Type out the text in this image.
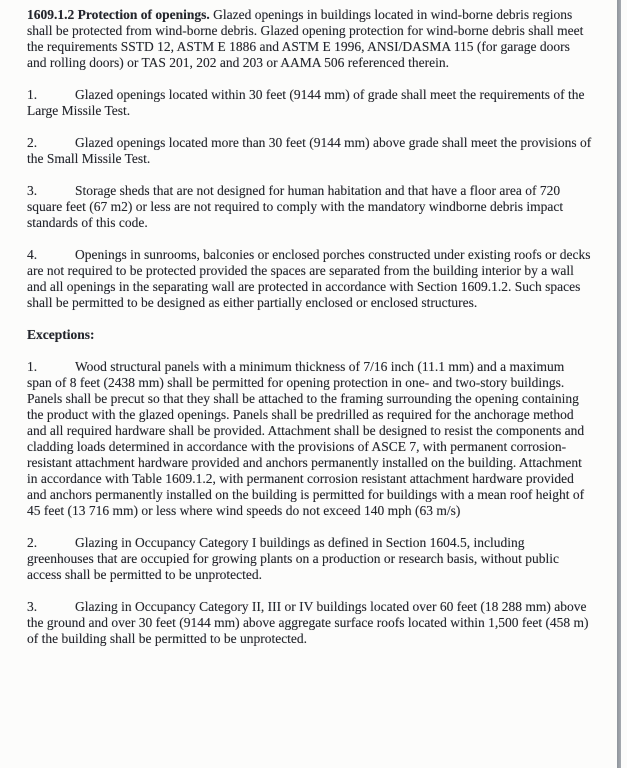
1609.1.2 Protection of openings. Glazed openings in buildings located in wind-borne debris regions shall be protected from wind-borne debris. Glazed opening protection for wind-borne debris shall meet the requirements SSTD 12, ASTM E 1886 and ASTM E 1996, ANSI/DASMA 115 (for garage doors and rolling doors) or TAS 201, 202 and 203 or AAMA 506 referenced therein.

1.	Glazed openings located within 30 feet (9144 mm) of grade shall meet the requirements of the Large Missile Test.

2.	Glazed openings located more than 30 feet (9144 mm) above grade shall meet the provisions of the Small Missile Test.

3.	Storage sheds that are not designed for human habitation and that have a floor area of 720 square feet (67 m2) or less are not required to comply with the mandatory windborne debris impact standards of this code.

4.	Openings in sunrooms, balconies or enclosed porches constructed under existing roofs or decks are not required to be protected provided the spaces are separated from the building interior by a wall and all openings in the separating wall are protected in accordance with Section 1609.1.2. Such spaces shall be permitted to be designed as either partially enclosed or enclosed structures.

Exceptions:

1.	Wood structural panels with a minimum thickness of 7/16 inch (11.1 mm) and a maximum span of 8 feet (2438 mm) shall be permitted for opening protection in one- and two-story buildings. Panels shall be precut so that they shall be attached to the framing surrounding the opening containing the product with the glazed openings. Panels shall be predrilled as required for the anchorage method and all required hardware shall be provided. Attachment shall be designed to resist the components and cladding loads determined in accordance with the provisions of ASCE 7, with permanent corrosion-resistant attachment hardware provided and anchors permanently installed on the building. Attachment in accordance with Table 1609.1.2, with permanent corrosion resistant attachment hardware provided and anchors permanently installed on the building is permitted for buildings with a mean roof height of 45 feet (13 716 mm) or less where wind speeds do not exceed 140 mph (63 m/s)

2.	Glazing in Occupancy Category I buildings as defined in Section 1604.5, including greenhouses that are occupied for growing plants on a production or research basis, without public access shall be permitted to be unprotected.

3.	Glazing in Occupancy Category II, III or IV buildings located over 60 feet (18 288 mm) above the ground and over 30 feet (9144 mm) above aggregate surface roofs located within 1,500 feet (458 m) of the building shall be permitted to be unprotected.
